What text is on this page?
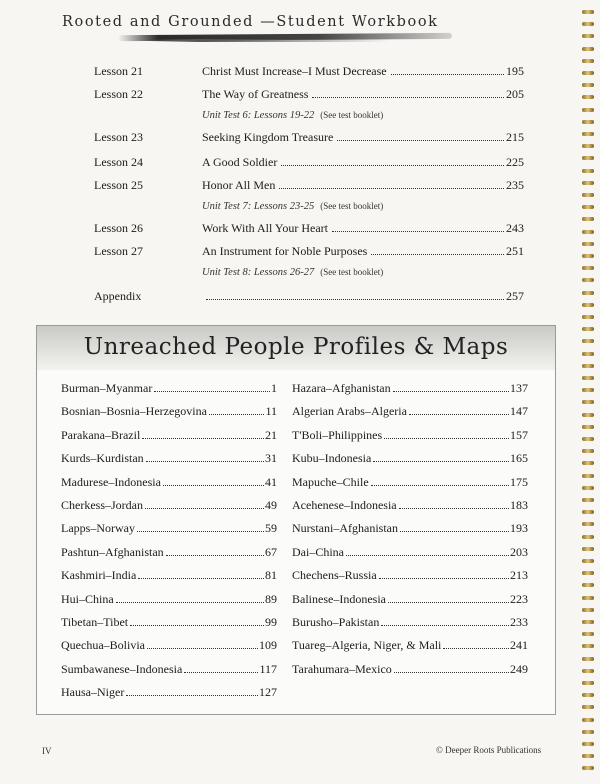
Rooted and Grounded —Student Workbook
Lesson 21	Christ Must Increase–I Must Decrease	195
Lesson 22	The Way of Greatness	205
Unit Test 6: Lessons 19-22 (See test booklet)
Lesson 23	Seeking Kingdom Treasure	215
Lesson 24	A Good Soldier	225
Lesson 25	Honor All Men	235
Unit Test 7: Lessons 23-25 (See test booklet)
Lesson 26	Work With All Your Heart	243
Lesson 27	An Instrument for Noble Purposes	251
Unit Test 8: Lessons 26-27 (See test booklet)
Appendix	257
Unreached People Profiles & Maps
Burman–Myanmar	1
Bosnian–Bosnia–Herzegovina	11
Parakana–Brazil	21
Kurds–Kurdistan	31
Madurese–Indonesia	41
Cherkess–Jordan	49
Lapps–Norway	59
Pashtun–Afghanistan	67
Kashmiri–India	81
Hui–China	89
Tibetan–Tibet	99
Quechua–Bolivia	109
Sumbawanese–Indonesia	117
Hausa–Niger	127
Hazara–Afghanistan	137
Algerian Arabs–Algeria	147
T'Boli–Philippines	157
Kubu–Indonesia	165
Mapuche–Chile	175
Acehenese–Indonesia	183
Nurstani–Afghanistan	193
Dai–China	203
Chechens–Russia	213
Balinese–Indonesia	223
Burusho–Pakistan	233
Tuareg–Algeria, Niger, & Mali	241
Tarahumara–Mexico	249
IV	© Deeper Roots Publications
